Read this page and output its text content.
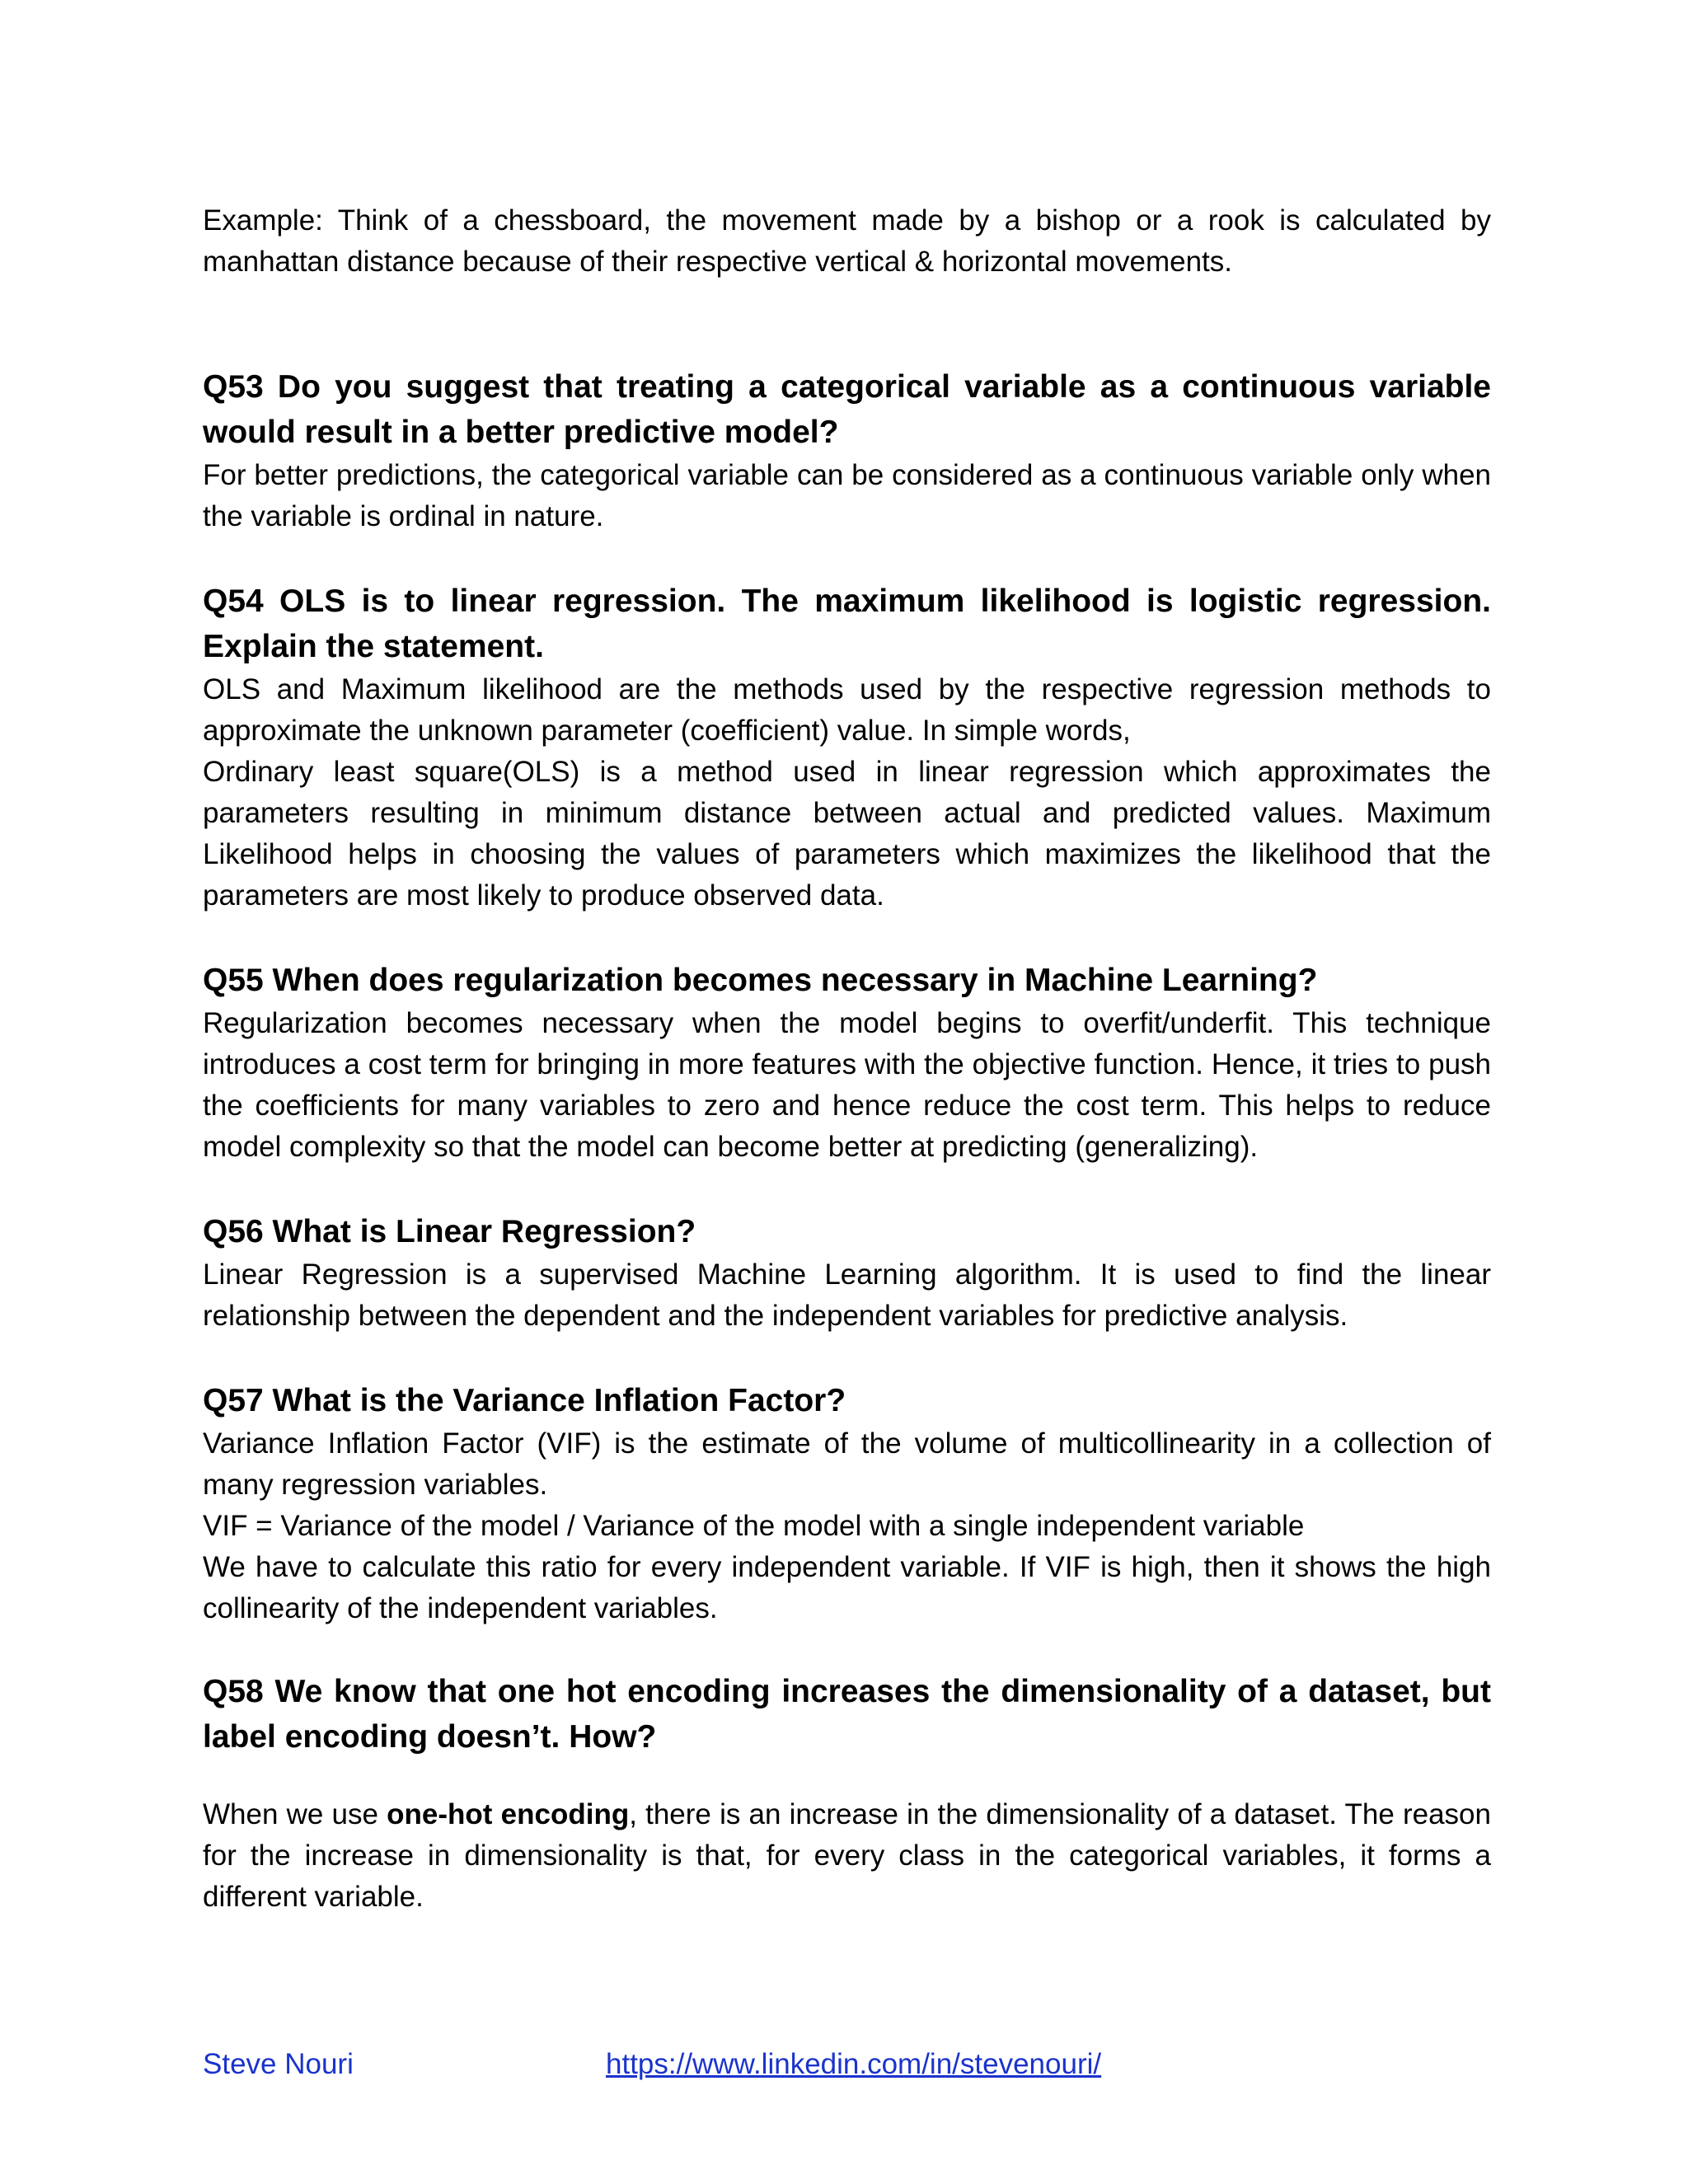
Example: Think of a chessboard, the movement made by a bishop or a rook is calculated by manhattan distance because of their respective vertical & horizontal movements.

Q53 Do you suggest that treating a categorical variable as a continuous variable would result in a better predictive model?

For better predictions, the categorical variable can be considered as a continuous variable only when the variable is ordinal in nature.

Q54 OLS is to linear regression. The maximum likelihood is logistic regression. Explain the statement.

OLS and Maximum likelihood are the methods used by the respective regression methods to approximate the unknown parameter (coefficient) value. In simple words,

Ordinary least square(OLS) is a method used in linear regression which approximates the parameters resulting in minimum distance between actual and predicted values. Maximum Likelihood helps in choosing the values of parameters which maximizes the likelihood that the parameters are most likely to produce observed data.

Q55 When does regularization becomes necessary in Machine Learning?

Regularization becomes necessary when the model begins to overfit/underfit. This technique introduces a cost term for bringing in more features with the objective function. Hence, it tries to push the coefficients for many variables to zero and hence reduce the cost term. This helps to reduce model complexity so that the model can become better at predicting (generalizing).

Q56 What is Linear Regression?

Linear Regression is a supervised Machine Learning algorithm. It is used to find the linear relationship between the dependent and the independent variables for predictive analysis.

Q57 What is the Variance Inflation Factor?

Variance Inflation Factor (VIF) is the estimate of the volume of multicollinearity in a collection of many regression variables.

VIF = Variance of the model / Variance of the model with a single independent variable

We have to calculate this ratio for every independent variable. If VIF is high, then it shows the high collinearity of the independent variables.

Q58 We know that one hot encoding increases the dimensionality of a dataset, but label encoding doesn’t. How?

When we use one-hot encoding, there is an increase in the dimensionality of a dataset. The reason for the increase in dimensionality is that, for every class in the categorical variables, it forms a different variable.

Steve Nouri	https://www.linkedin.com/in/stevenouri/
